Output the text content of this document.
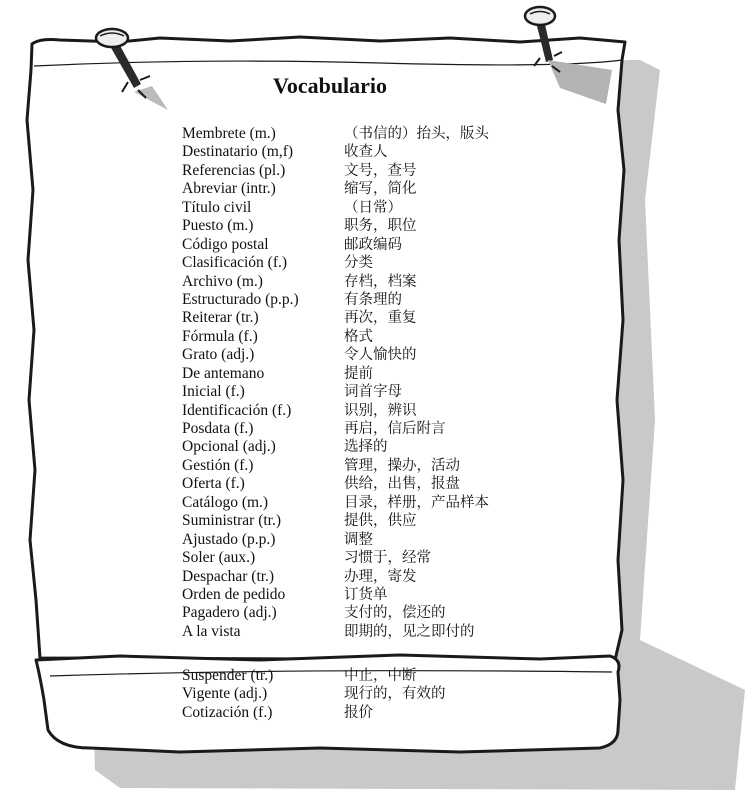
Vocabulario
Membrete (m.)	（书信的）抬头，版头
Destinatario (m,f)	收查人
Referencias (pl.)	文号，查号
Abreviar (intr.)	缩写，简化
Título civil	（日常）
Puesto (m.)	职务，职位
Código postal	邮政编码
Clasificación (f.)	分类
Archivo (m.)	存档，档案
Estructurado (p.p.)	有条理的
Reiterar (tr.)	再次，重复
Fórmula (f.)	格式
Grato (adj.)	令人愉快的
De antemano	提前
Inicial (f.)	词首字母
Identificación (f.)	识别，辨识
Posdata (f.)	再启，信后附言
Opcional (adj.)	选择的
Gestión (f.)	管理，操办，活动
Oferta (f.)	供给，出售，报盘
Catálogo (m.)	目录，样册，产品样本
Suministrar (tr.)	提供，供应
Ajustado (p.p.)	调整
Soler (aux.)	习惯于，经常
Despachar (tr.)	办理，寄发
Orden de pedido	订货单
Pagadero (adj.)	支付的，偿还的
A la vista	即期的，见之即付的
Suspender (tr.)	中止，中断
Vigente (adj.)	现行的，有效的
Cotización (f.)	报价
